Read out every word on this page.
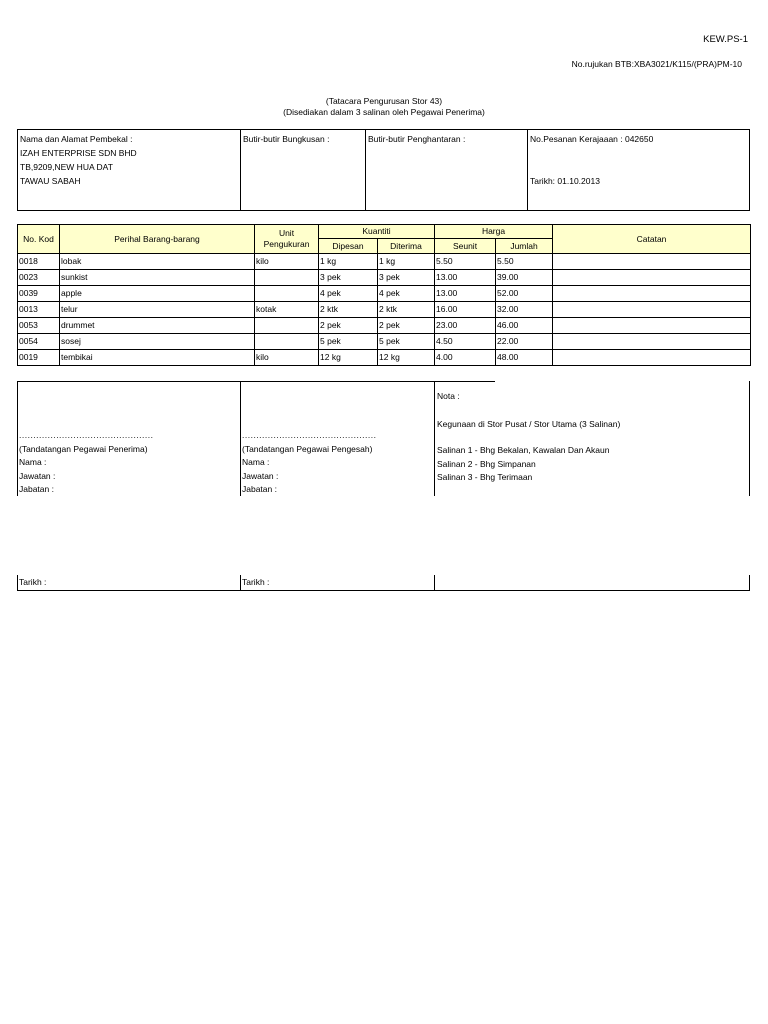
KEW.PS-1
No.rujukan BTB:XBA3021/K115/(PRA)PM-10
(Tatacara Pengurusan Stor 43)
(Disediakan dalam 3 salinan oleh Pegawai Penerima)
Nama dan Alamat Pembekal :
IZAH ENTERPRISE SDN BHD
TB,9209,NEW HUA DAT
TAWAU SABAH
Butir-butir Bungkusan :	Butir-butir Penghantaran :	No.Pesanan Kerajaaan : 042650
Tarikh: 01.10.2013
No. Kod	Perihal Barang-barang	Unit Pengukuran	Kuantiti		Harga		Catatan
			Dipesan	Diterima	Seunit	Jumlah	
0018	lobak	kilo	1 kg	1 kg	5.50	5.50	
0023	sunkist		3 pek	3 pek	13.00	39.00	
0039	apple		4 pek	4 pek	13.00	52.00	
0013	telur	kotak	2 ktk	2 ktk	16.00	32.00	
0053	drummet		2 pek	2 pek	23.00	46.00	
0054	sosej		5 pek	5 pek	4.50	22.00	
0019	tembikai	kilo	12 kg	12 kg	4.00	48.00	
...............................................
(Tandatangan Pegawai Penerima)
Nama :
Jawatan :
Jabatan :
...............................................
(Tandatangan Pegawai Pengesah)
Nama :
Jawatan :
Jabatan :
Nota :
Kegunaan di Stor Pusat / Stor Utama (3 Salinan)
Salinan 1 - Bhg Bekalan, Kawalan Dan Akaun
Salinan 2 - Bhg Simpanan
Salinan 3 - Bhg Terimaan
Tarikh :	Tarikh :
